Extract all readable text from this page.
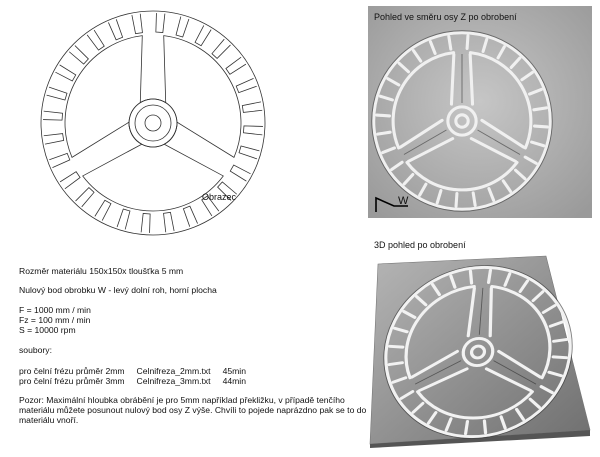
Obrazec
Pohled ve směru osy Z po obrobení
W
3D pohled po obrobení
Rozměr materiálu 150x150x tloušťka 5 mm
Nulový bod obrobku W - levý dolní roh, horní plocha
F = 1000 mm / min
Fz = 100 mm / min
S = 10000 rpm
soubory:
pro čelní frézu průměr 2mm	Celnifreza_2mm.txt	45min
pro čelní frézu průměr 3mm	Celnifreza_3mm.txt	44min
Pozor: Maximální hloubka obrábění je pro 5mm například překližku, v případě tenčího materiálu můžete posunout nulový bod osy Z výše. Chvíli to pojede naprázdno pak se to do materiálu vnoří.
